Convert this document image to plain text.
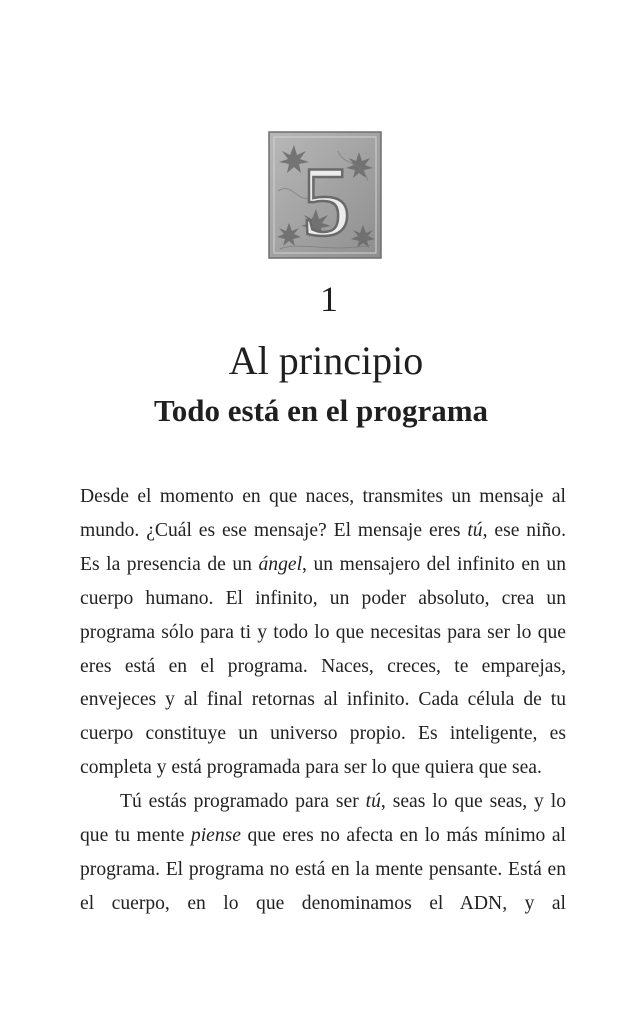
5
1
Al principio
Todo está en el programa

Desde el momento en que naces, transmites un mensaje al mundo. ¿Cuál es ese mensaje? El mensaje eres tú, ese niño. Es la presencia de un ángel, un mensajero del infinito en un cuerpo humano. El infinito, un poder absoluto, crea un programa sólo para ti y todo lo que necesitas para ser lo que eres está en el programa. Naces, creces, te emparejas, envejeces y al final retornas al infinito. Cada célula de tu cuerpo constituye un universo propio. Es inteligente, es completa y está programada para ser lo que quiera que sea.

Tú estás programado para ser tú, seas lo que seas, y lo que tu mente piense que eres no afecta en lo más mínimo al programa. El programa no está en la mente pensante. Está en el cuerpo, en lo que denominamos el ADN, y al
